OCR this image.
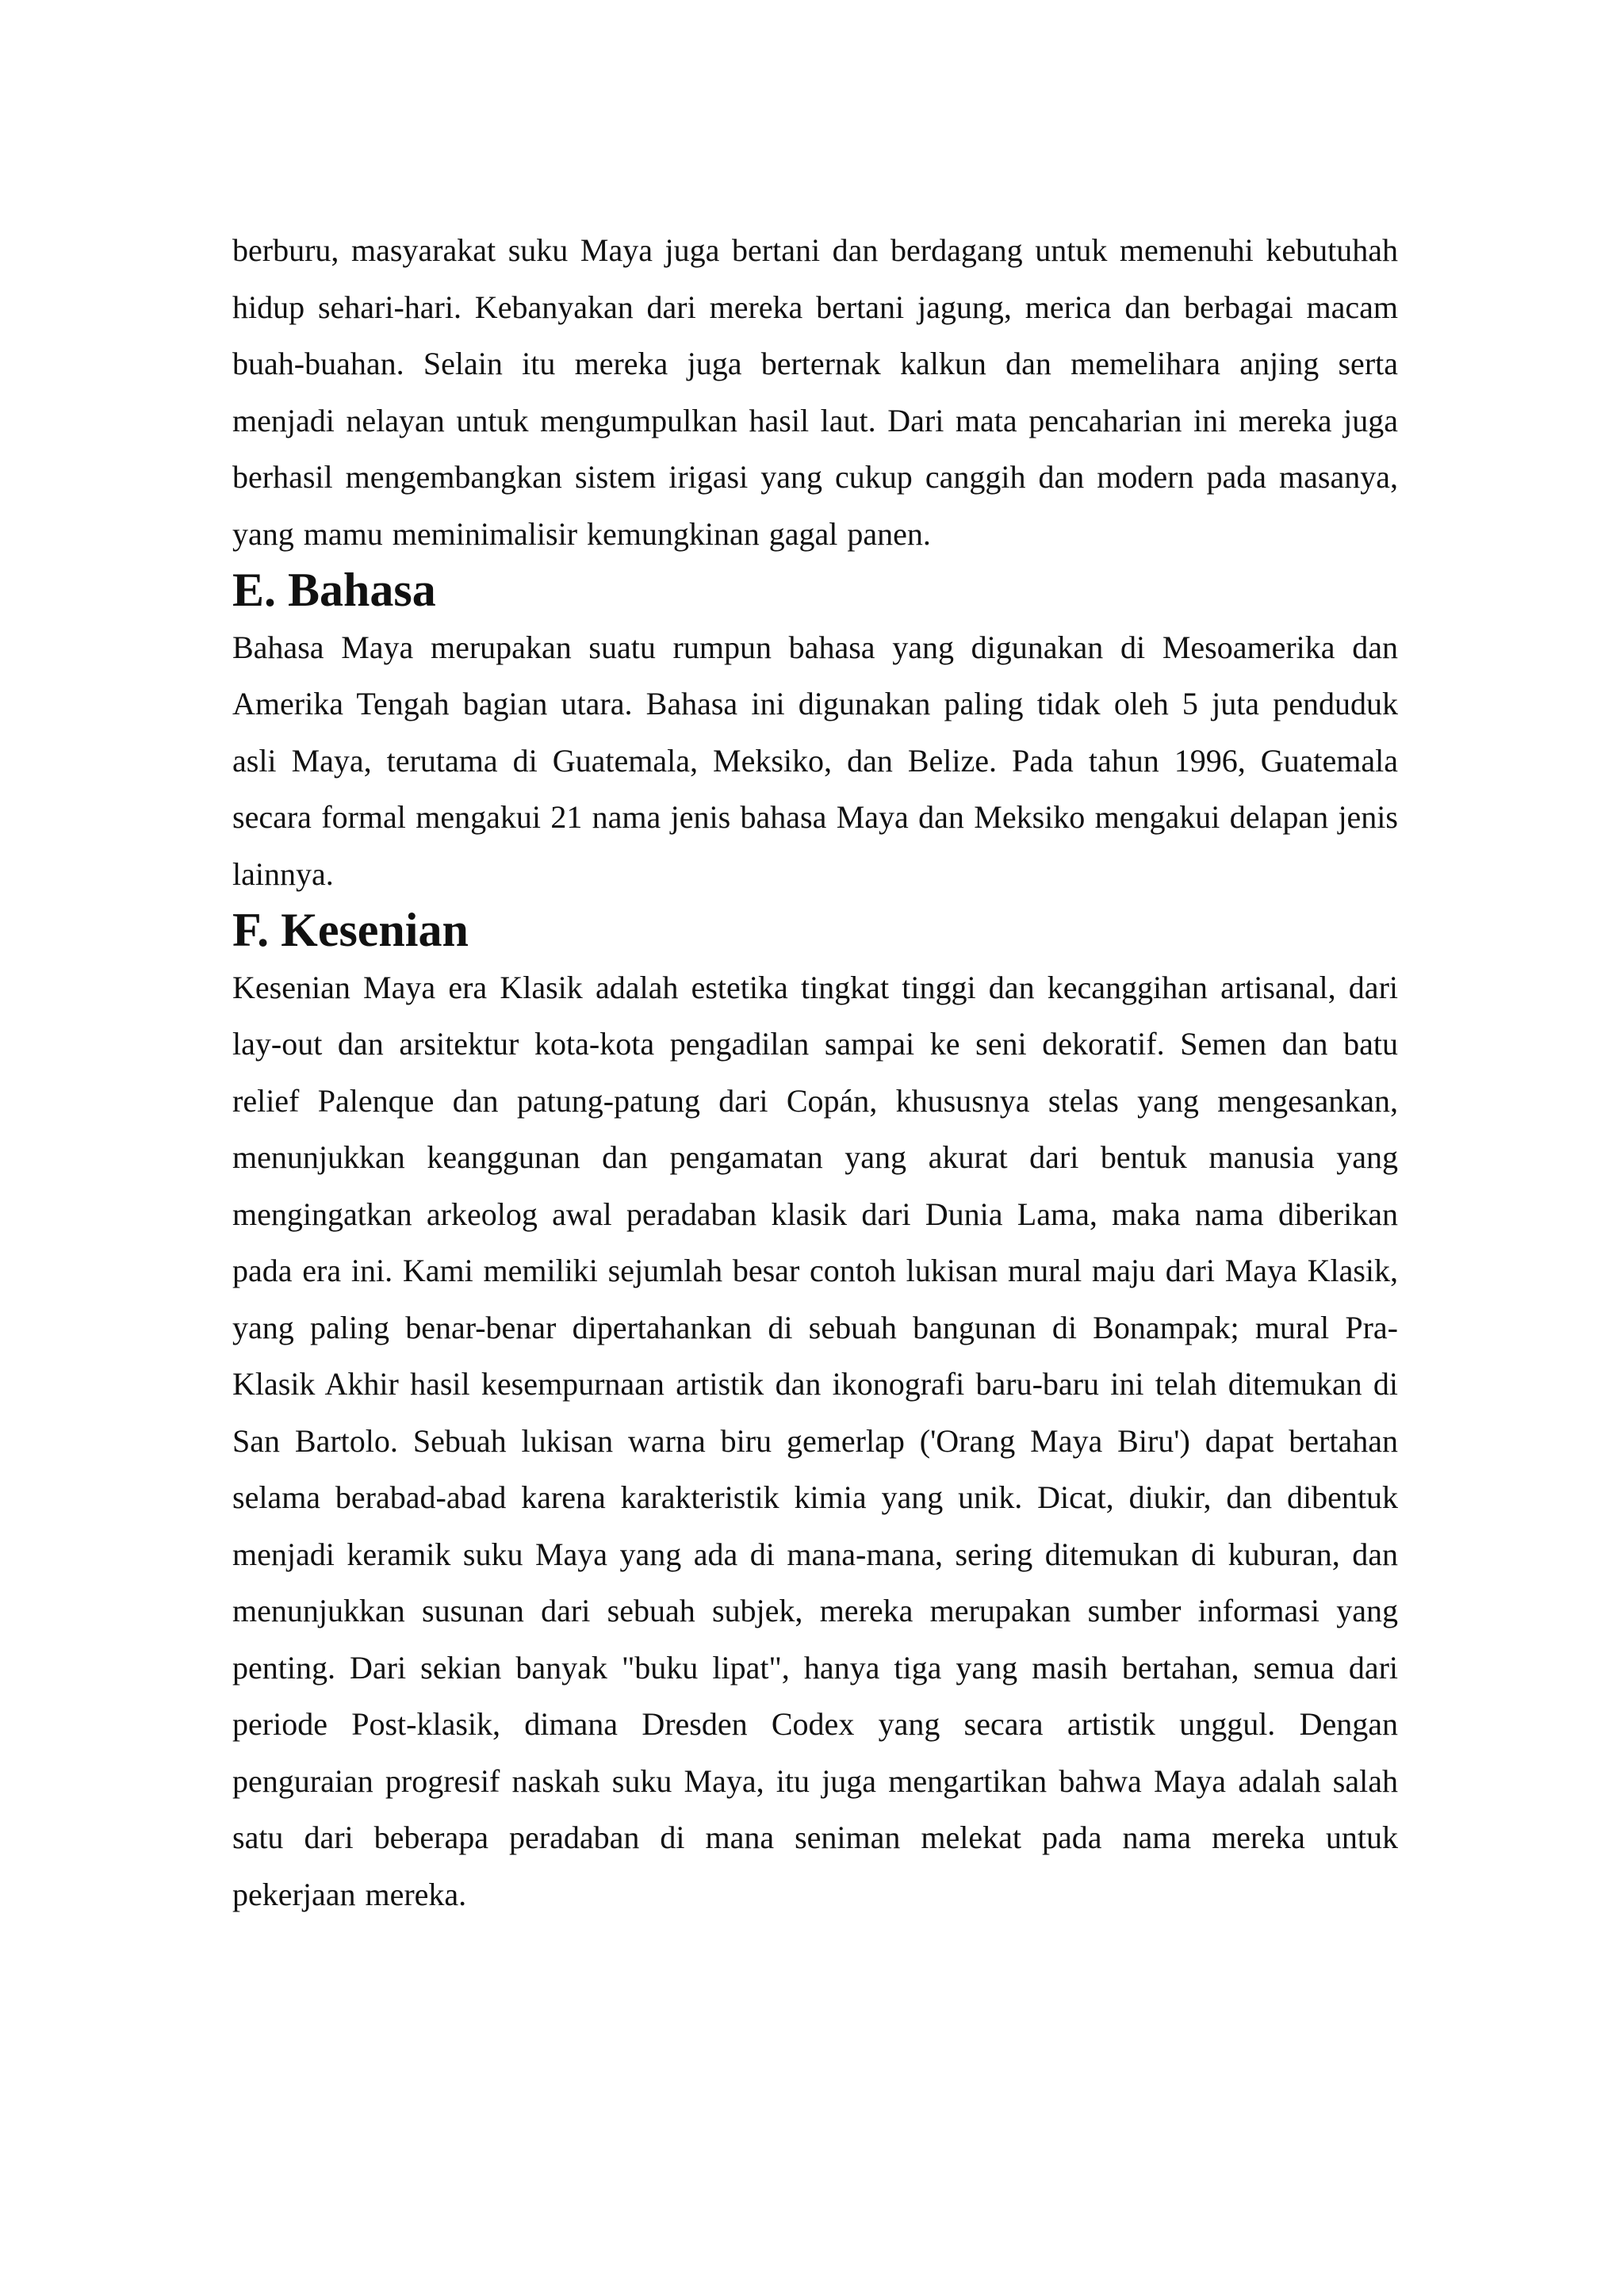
berburu, masyarakat suku Maya juga bertani dan berdagang untuk memenuhi kebutuhah hidup sehari-hari. Kebanyakan dari mereka bertani jagung, merica dan berbagai macam buah-buahan. Selain itu mereka juga berternak kalkun dan memelihara anjing serta menjadi nelayan untuk mengumpulkan hasil laut. Dari mata pencaharian ini mereka juga berhasil mengembangkan sistem irigasi yang cukup canggih dan modern pada masanya, yang mamu meminimalisir kemungkinan gagal panen.

E. Bahasa

Bahasa Maya merupakan suatu rumpun bahasa yang digunakan di Mesoamerika dan Amerika Tengah bagian utara. Bahasa ini digunakan paling tidak oleh 5 juta penduduk asli Maya, terutama di Guatemala, Meksiko, dan Belize. Pada tahun 1996, Guatemala secara formal mengakui 21 nama jenis bahasa Maya dan Meksiko mengakui delapan jenis lainnya.

F. Kesenian

Kesenian Maya era Klasik adalah estetika tingkat tinggi dan kecanggihan artisanal, dari lay-out dan arsitektur kota-kota pengadilan sampai ke seni dekoratif. Semen dan batu relief Palenque dan patung-patung dari Copán, khususnya stelas yang mengesankan, menunjukkan keanggunan dan pengamatan yang akurat dari bentuk manusia yang mengingatkan arkeolog awal peradaban klasik dari Dunia Lama, maka nama diberikan pada era ini. Kami memiliki sejumlah besar contoh lukisan mural maju dari Maya Klasik, yang paling benar-benar dipertahankan di sebuah bangunan di Bonampak; mural Pra-Klasik Akhir hasil kesempurnaan artistik dan ikonografi baru-baru ini telah ditemukan di San Bartolo. Sebuah lukisan warna biru gemerlap ('Orang Maya Biru') dapat bertahan selama berabad-abad karena karakteristik kimia yang unik. Dicat, diukir, dan dibentuk menjadi keramik suku Maya yang ada di mana-mana, sering ditemukan di kuburan, dan menunjukkan susunan dari sebuah subjek, mereka merupakan sumber informasi yang penting. Dari sekian banyak "buku lipat", hanya tiga yang masih bertahan, semua dari periode Post-klasik, dimana Dresden Codex yang secara artistik unggul. Dengan penguraian progresif naskah suku Maya, itu juga mengartikan bahwa Maya adalah salah satu dari beberapa peradaban di mana seniman melekat pada nama mereka untuk pekerjaan mereka.
